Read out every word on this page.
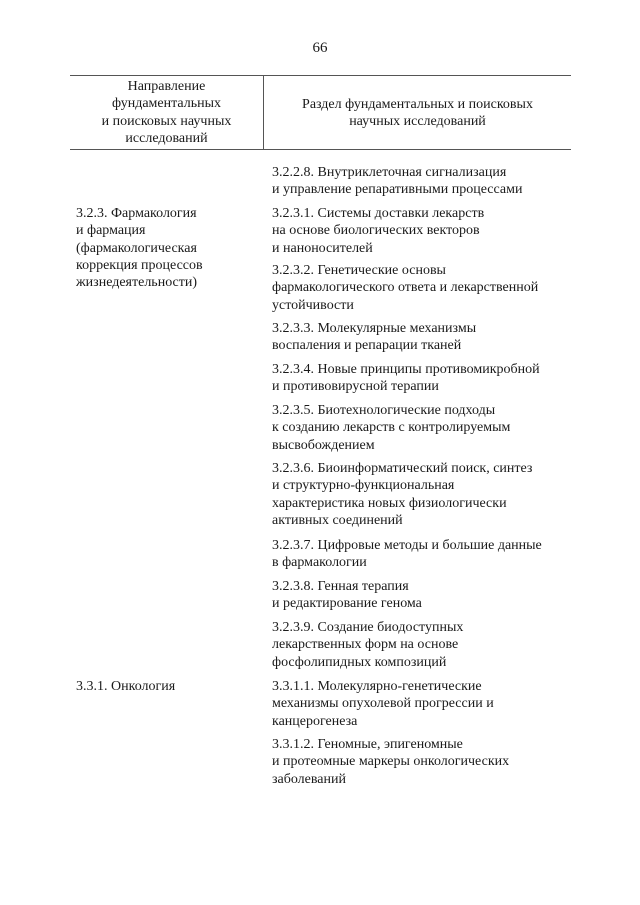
66
Направление
фундаментальных
и поисковых научных
исследований
Раздел фундаментальных и поисковых
научных исследований
3.2.3. Фармакология
и фармация
(фармакологическая
коррекция процессов
жизнедеятельности)
3.3.1. Онкология
3.2.2.8. Внутриклеточная сигнализация
и управление репаративными процессами
3.2.3.1. Системы доставки лекарств
на основе биологических векторов
и наноносителей
3.2.3.2. Генетические основы
фармакологического ответа и лекарственной
устойчивости
3.2.3.3. Молекулярные механизмы
воспаления и репарации тканей
3.2.3.4. Новые принципы противомикробной
и противовирусной терапии
3.2.3.5. Биотехнологические подходы
к созданию лекарств с контролируемым
высвобождением
3.2.3.6. Биоинформатический поиск, синтез
и структурно-функциональная
характеристика новых физиологически
активных соединений
3.2.3.7. Цифровые методы и большие данные
в фармакологии
3.2.3.8. Генная терапия
и редактирование генома
3.2.3.9. Создание биодоступных
лекарственных форм на основе
фосфолипидных композиций
3.3.1.1. Молекулярно-генетические
механизмы опухолевой прогрессии и
канцерогенеза
3.3.1.2. Геномные, эпигеномные
и протеомные маркеры онкологических
заболеваний
